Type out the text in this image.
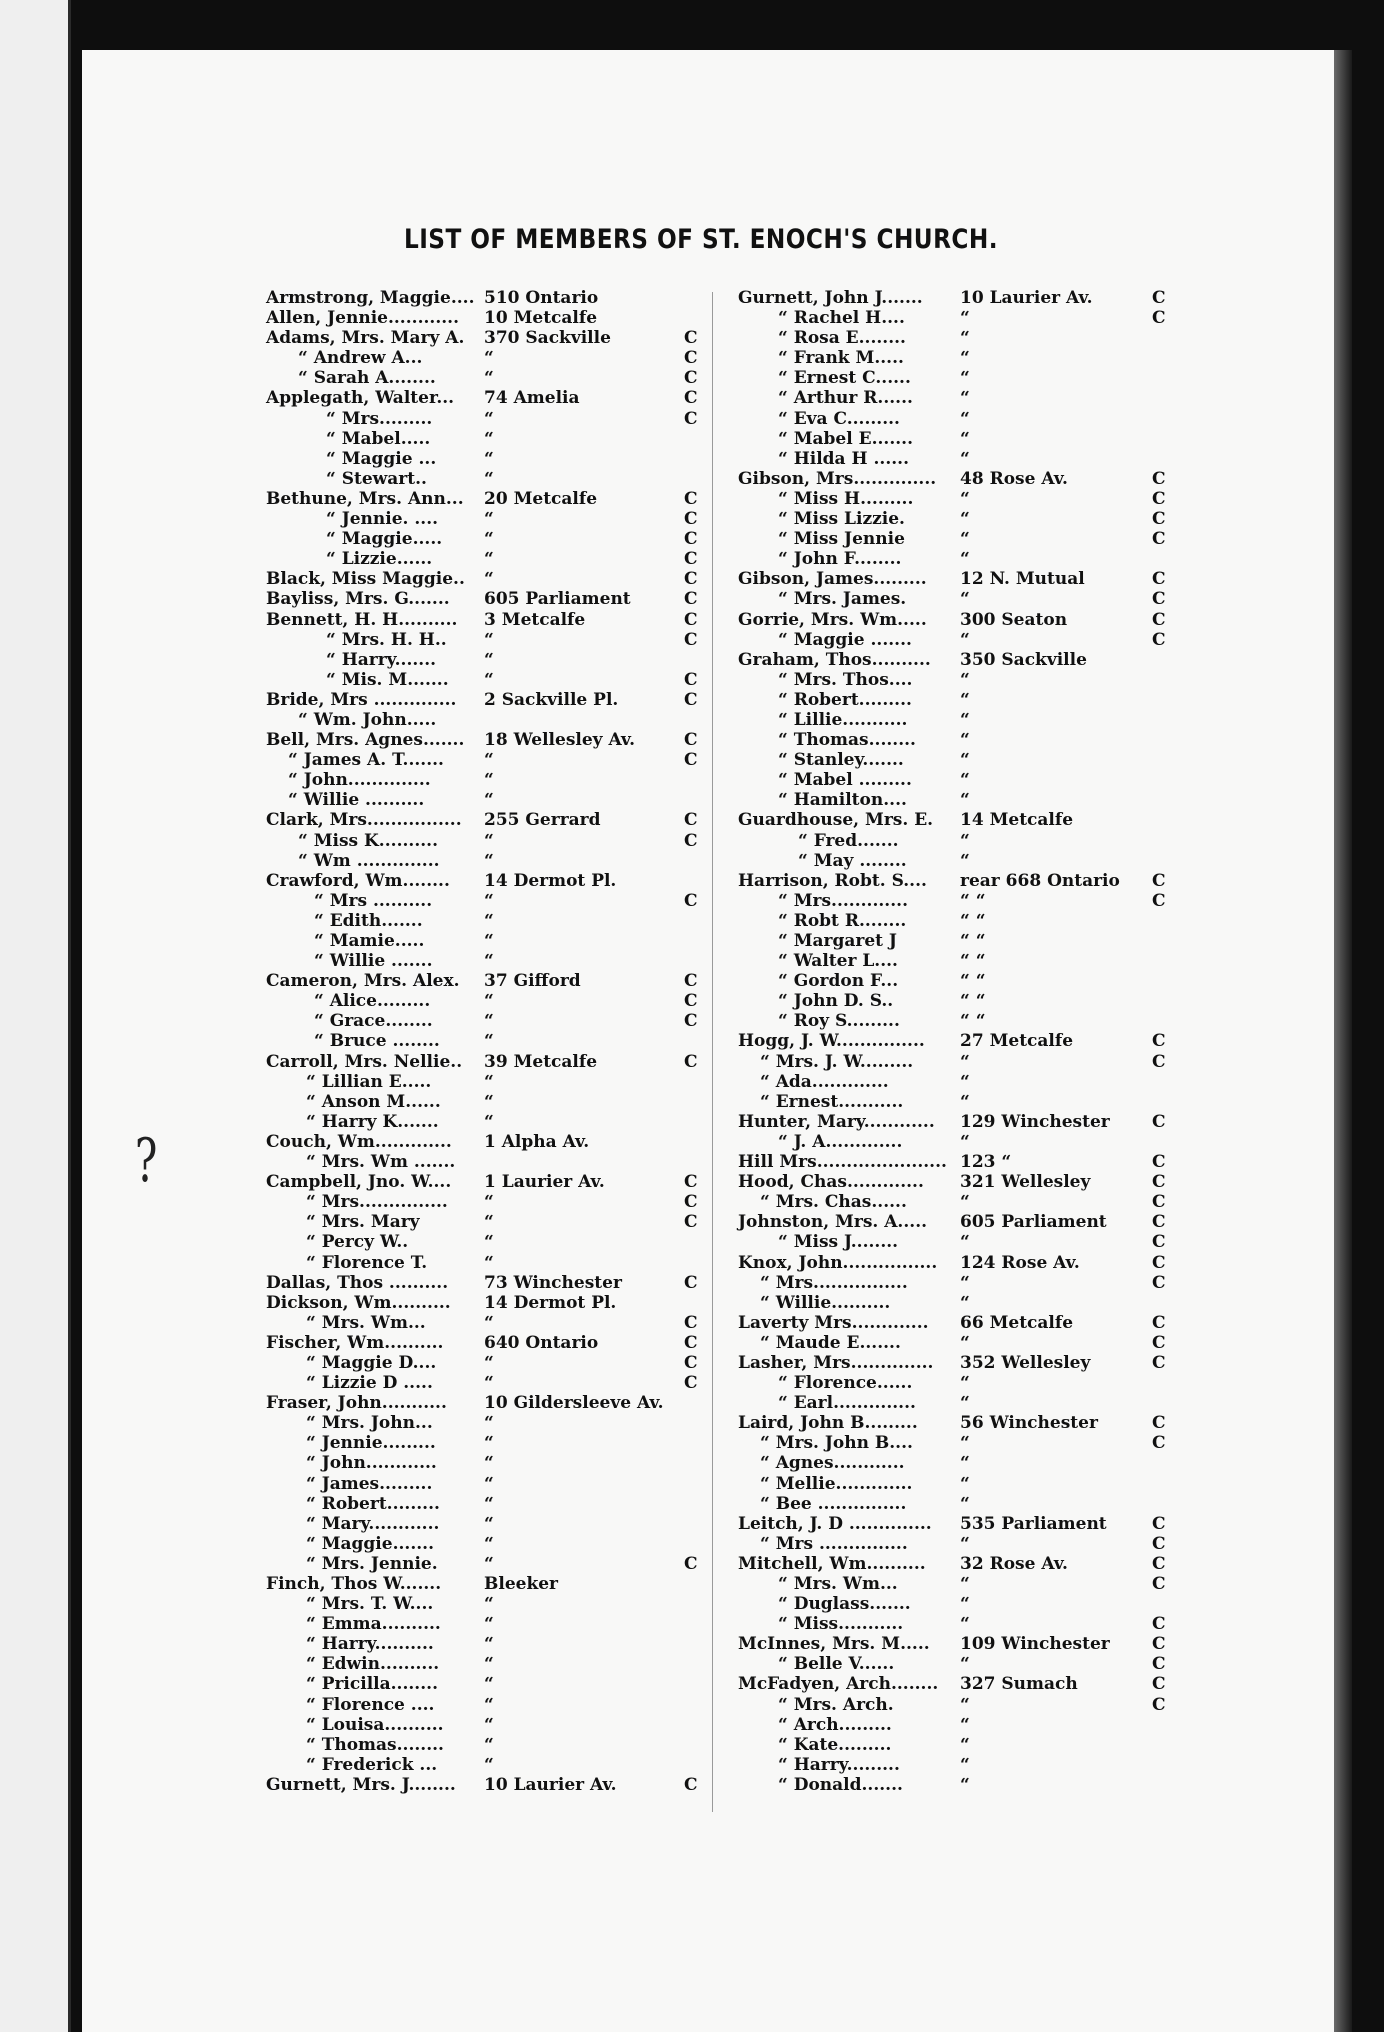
LIST OF MEMBERS OF ST. ENOCH'S CHURCH.
?
Armstrong, Maggie.... 510 Ontario
Allen, Jennie............ 10 Metcalfe
Adams, Mrs. Mary A. 370 Sackville	C
“ Andrew A...	“	C
“ Sarah A........	“	C
Applegath, Walter... 74 Amelia	C
“ Mrs.........	“	C
“ Mabel.....	“
“ Maggie ...	“
“ Stewart..	“
Bethune, Mrs. Ann... 20 Metcalfe	C
“ Jennie. ....	“	C
“ Maggie..... “	C
“ Lizzie......	“	C
Black, Miss Maggie.. “	C
Bayliss, Mrs. G....... 605 Parliament	C
Bennett, H. H.......... 3 Metcalfe	C
“ Mrs. H. H.. “	C
“ Harry.......	“
“ Mis. M....... “	C
Bride, Mrs .............. 2 Sackville Pl.	C
“ Wm. John.....
Bell, Mrs. Agnes....... 18 Wellesley Av.	C
“ James A. T....... “	C
“ John..............	“
“ Willie ..........	“
Clark, Mrs................ 255 Gerrard	C
“ Miss K..........	“	C
“ Wm ..............	“
Crawford, Wm........ 14 Dermot Pl.
“ Mrs ..........	“	C
“ Edith.......	“
“ Mamie.....	“
“ Willie .......	“
Cameron, Mrs. Alex. 37 Gifford	C
“ Alice.........	“	C
“ Grace........	“	C
“ Bruce ........	“
Carroll, Mrs. Nellie.. 39 Metcalfe	C
“ Lillian E.....	“
“ Anson M......	“
“ Harry K.......	“
Couch, Wm............. 1 Alpha Av.
“ Mrs. Wm .......
Campbell, Jno. W.... 1 Laurier Av.	C
“ Mrs............... “	C
“ Mrs. Mary	“	C
“ Percy W..	“
“ Florence T.	“
Dallas, Thos .......... 73 Winchester	C
Dickson, Wm.......... 14 Dermot Pl.
“ Mrs. Wm...	“	C
Fischer, Wm.......... 640 Ontario	C
“ Maggie D....	“	C
“ Lizzie D .....	“	C
Fraser, John........... 10 Gildersleeve Av.
“ Mrs. John...	“
“ Jennie.........	“
“ John............	“
“ James.........	“
“ Robert.........	“
“ Mary............	“
“ Maggie.......	“
“ Mrs. Jennie.	“	C
Finch, Thos W.......	Bleeker
“ Mrs. T. W....	“
“ Emma..........	“
“ Harry..........	“
“ Edwin..........	“
“ Pricilla........	“
“ Florence ....	“
“ Louisa.......... “
“ Thomas........ “
“ Frederick ...	“
Gurnett, Mrs. J........ 10 Laurier Av.	C
Gurnett, John J....... 10 Laurier Av.	C
“ Rachel H....	“	C
“ Rosa E........	“
“ Frank M.....	“
“ Ernest C......	“
“ Arthur R......	“
“ Eva C.........	“
“ Mabel E.......	“
“ Hilda H ......	“
Gibson, Mrs.............. 48 Rose Av.	C
“ Miss H.........	“	C
“ Miss Lizzie.	“	C
“ Miss Jennie	“	C
“ John F........	“
Gibson, James......... 12 N. Mutual	C
“ Mrs. James.	“	C
Gorrie, Mrs. Wm..... 300 Seaton	C
“ Maggie .......	“	C
Graham, Thos.......... 350 Sackville
“ Mrs. Thos....	“
“ Robert.........	“
“ Lillie...........	“
“ Thomas........	“
“ Stanley.......	“
“ Mabel .........	“
“ Hamilton....	“
Guardhouse, Mrs. E. 14 Metcalfe
“ Fred.......	“
“ May ........	“
Harrison, Robt. S.... rear 668 Ontario C
“ Mrs.............	“ “	C
“ Robt R........	“ “
“ Margaret J	“ “
“ Walter L....	“ “
“ Gordon F...	“ “
“ John D. S..	“ “
“ Roy S.........	“ “
Hogg, J. W............... 27 Metcalfe	C
“ Mrs. J. W.........	“	C
“ Ada.............	“
“ Ernest...........	“
Hunter, Mary............ 129 Winchester C
“ J. A.............	“
Hill Mrs...................... 123 “	C
Hood, Chas............. 321 Wellesley	C
“ Mrs. Chas......	“	C
Johnston, Mrs. A..... 605 Parliament	C
“ Miss J........	“	C
Knox, John................ 124 Rose Av.	C
“ Mrs................	“	C
“ Willie..........	“
Laverty Mrs............. 66 Metcalfe	C
“ Maude E.......	“	C
Lasher, Mrs.............. 352 Wellesley	C
“ Florence......	“
“ Earl..............	“
Laird, John B......... 56 Winchester	C
“ Mrs. John B....	“	C
“ Agnes............	“
“ Mellie.............	“
“ Bee ...............	“
Leitch, J. D .............. 535 Parliament	C
“ Mrs ...............	“	C
Mitchell, Wm.......... 32 Rose Av.	C
“ Mrs. Wm...	“	C
“ Duglass.......	“
“ Miss...........	“	C
McInnes, Mrs. M..... 109 Winchester C
“ Belle V......	“	C
McFadyen, Arch........ 327 Sumach	C
“ Mrs. Arch.	“	C
“ Arch.........	“
“ Kate.........	“
“ Harry.........	“
“ Donald.......	“
